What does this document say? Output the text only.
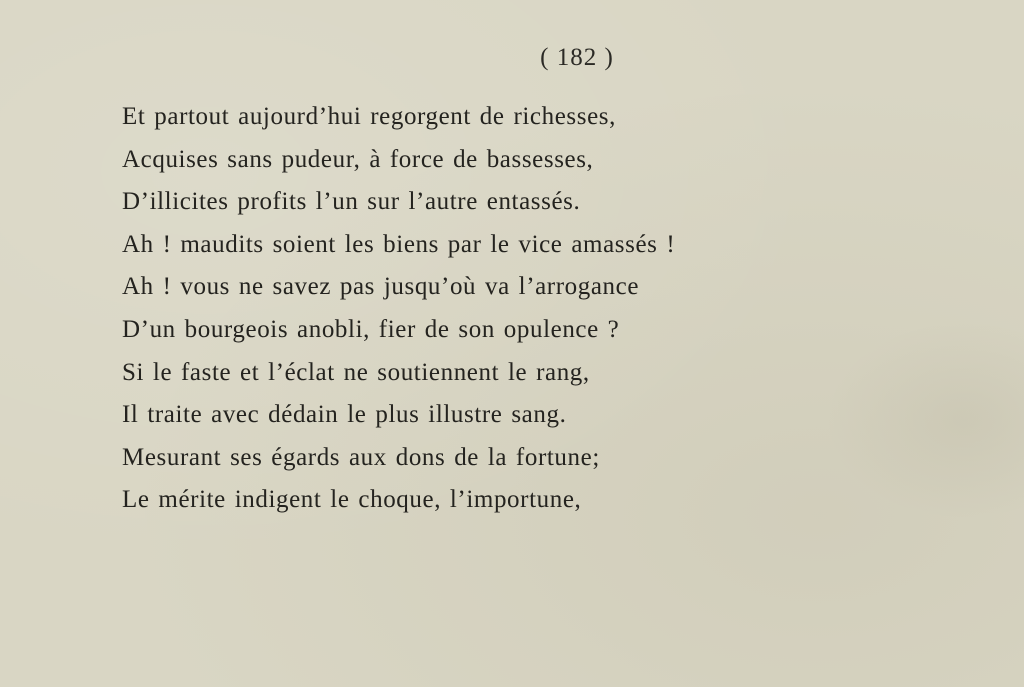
( 182 )
Et partout aujourd’hui regorgent de richesses,
Acquises sans pudeur, à force de bassesses,
D’illicites profits l’un sur l’autre entassés.
Ah ! maudits soient les biens par le vice amassés !
Ah ! vous ne savez pas jusqu’où va l’arrogance
D’un bourgeois anobli, fier de son opulence ?
Si le faste et l’éclat ne soutiennent le rang,
Il traite avec dédain le plus illustre sang.
Mesurant ses égards aux dons de la fortune;
Le mérite indigent le choque, l’importune,
